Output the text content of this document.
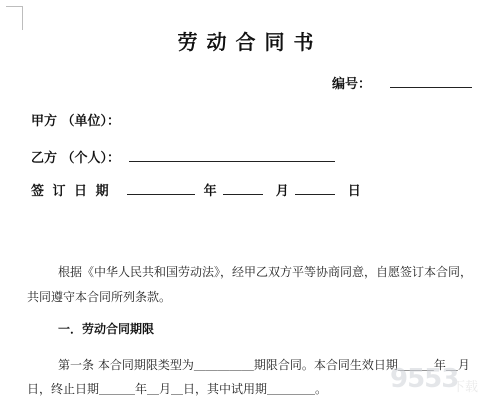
劳动合同书
编号：
甲方 （单位）：
乙方 （个人）：
签 订 日 期	年	月	日
根据《中华人民共和国劳动法》，经甲乙双方平等协商同意，自愿签订本合同，
共同遵守本合同所列条款。
一．劳动合同期限
第一条 本合同期限类型为＿＿＿＿＿期限合同。本合同生效日期＿＿＿年＿月
日，终止日期＿＿＿年＿月＿日，其中试用期＿＿＿＿。 9553
下载
